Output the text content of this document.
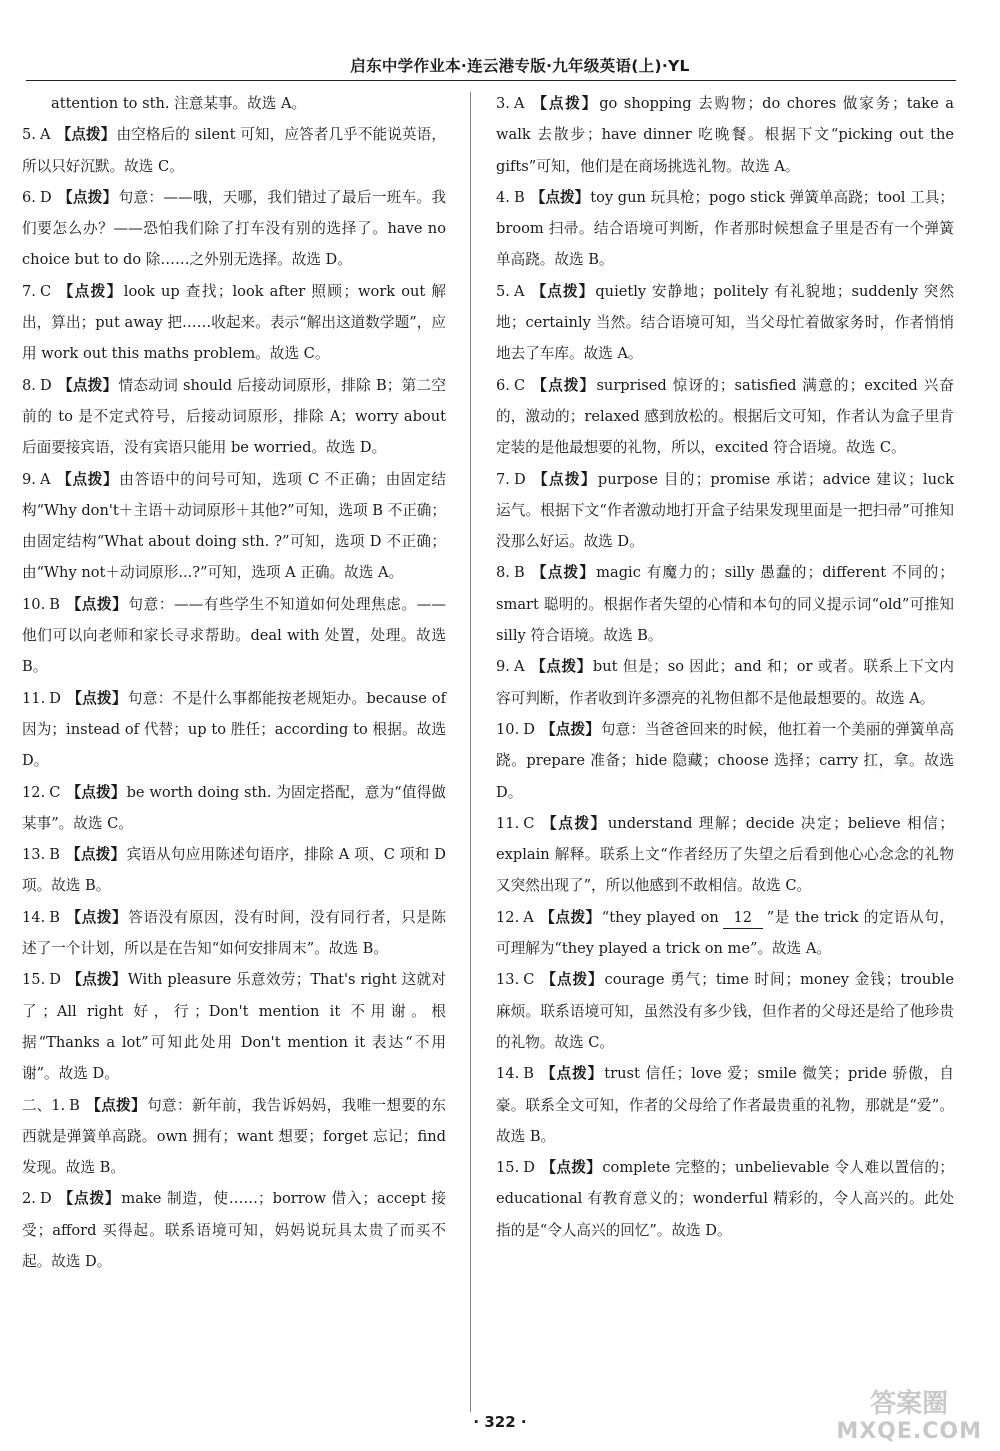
启东中学作业本·连云港专版·九年级英语(上)·YL
attention to sth. 注意某事。故选 A。
5. A 【点拨】由空格后的 silent 可知，应答者几乎不能说英语，所以只好沉默。故选 C。
6. D 【点拨】句意：——哦，天哪，我们错过了最后一班车。我们要怎么办？——恐怕我们除了打车没有别的选择了。have no choice but to do 除……之外别无选择。故选 D。
7. C 【点拨】look up 查找；look after 照顾；work out 解出，算出；put away 把……收起来。表示“解出这道数学题”，应用 work out this maths problem。故选 C。
8. D 【点拨】情态动词 should 后接动词原形，排除 B；第二空前的 to 是不定式符号，后接动词原形，排除 A；worry about 后面要接宾语，没有宾语只能用 be worried。故选 D。
9. A 【点拨】由答语中的问号可知，选项 C 不正确；由固定结构“Why don't＋主语＋动词原形＋其他?”可知，选项 B 不正确；由固定结构“What about doing sth. ?”可知，选项 D 不正确；由“Why not＋动词原形...?”可知，选项 A 正确。故选 A。
10. B 【点拨】句意：——有些学生不知道如何处理焦虑。——他们可以向老师和家长寻求帮助。deal with 处置，处理。故选 B。
11. D 【点拨】句意：不是什么事都能按老规矩办。because of 因为；instead of 代替；up to 胜任；according to 根据。故选 D。
12. C 【点拨】be worth doing sth. 为固定搭配，意为“值得做某事”。故选 C。
13. B 【点拨】宾语从句应用陈述句语序，排除 A 项、C 项和 D 项。故选 B。
14. B 【点拨】答语没有原因，没有时间，没有同行者，只是陈述了一个计划，所以是在告知“如何安排周末”。故选 B。
15. D 【点拨】With pleasure 乐意效劳；That's right 这就对了；All right 好，行；Don't mention it 不用谢。根据“Thanks a lot”可知此处用 Don't mention it 表达“不用谢”。故选 D。
二、1. B 【点拨】句意：新年前，我告诉妈妈，我唯一想要的东西就是弹簧单高跷。own 拥有；want 想要；forget 忘记；find 发现。故选 B。
2. D 【点拨】make 制造，使……；borrow 借入；accept 接受；afford 买得起。联系语境可知，妈妈说玩具太贵了而买不起。故选 D。
3. A 【点拨】go shopping 去购物；do chores 做家务；take a walk 去散步；have dinner 吃晚餐。根据下文“picking out the gifts”可知，他们是在商场挑选礼物。故选 A。
4. B 【点拨】toy gun 玩具枪；pogo stick 弹簧单高跷；tool 工具；broom 扫帚。结合语境可判断，作者那时候想盒子里是否有一个弹簧单高跷。故选 B。
5. A 【点拨】quietly 安静地；politely 有礼貌地；suddenly 突然地；certainly 当然。结合语境可知，当父母忙着做家务时，作者悄悄地去了车库。故选 A。
6. C 【点拨】surprised 惊讶的；satisfied 满意的；excited 兴奋的，激动的；relaxed 感到放松的。根据后文可知，作者认为盒子里肯定装的是他最想要的礼物，所以，excited 符合语境。故选 C。
7. D 【点拨】purpose 目的；promise 承诺；advice 建议；luck 运气。根据下文“作者激动地打开盒子结果发现里面是一把扫帚”可推知没那么好运。故选 D。
8. B 【点拨】magic 有魔力的；silly 愚蠢的；different 不同的；smart 聪明的。根据作者失望的心情和本句的同义提示词“old”可推知 silly 符合语境。故选 B。
9. A 【点拨】but 但是；so 因此；and 和；or 或者。联系上下文内容可判断，作者收到许多漂亮的礼物但都不是他最想要的。故选 A。
10. D 【点拨】句意：当爸爸回来的时候，他扛着一个美丽的弹簧单高跷。prepare 准备；hide 隐藏；choose 选择；carry 扛，拿。故选 D。
11. C 【点拨】understand 理解；decide 决定；believe 相信；explain 解释。联系上文“作者经历了失望之后看到他心心念念的礼物又突然出现了”，所以他感到不敢相信。故选 C。
12. A 【点拨】“they played on 12 ”是 the trick 的定语从句，可理解为“they played a trick on me”。故选 A。
13. C 【点拨】courage 勇气；time 时间；money 金钱；trouble 麻烦。联系语境可知，虽然没有多少钱，但作者的父母还是给了他珍贵的礼物。故选 C。
14. B 【点拨】trust 信任；love 爱；smile 微笑；pride 骄傲，自豪。联系全文可知，作者的父母给了作者最贵重的礼物，那就是“爱”。故选 B。
15. D 【点拨】complete 完整的；unbelievable 令人难以置信的；educational 有教育意义的；wonderful 精彩的，令人高兴的。此处指的是“令人高兴的回忆”。故选 D。
· 322 ·
答案圈
MXQE.COM
